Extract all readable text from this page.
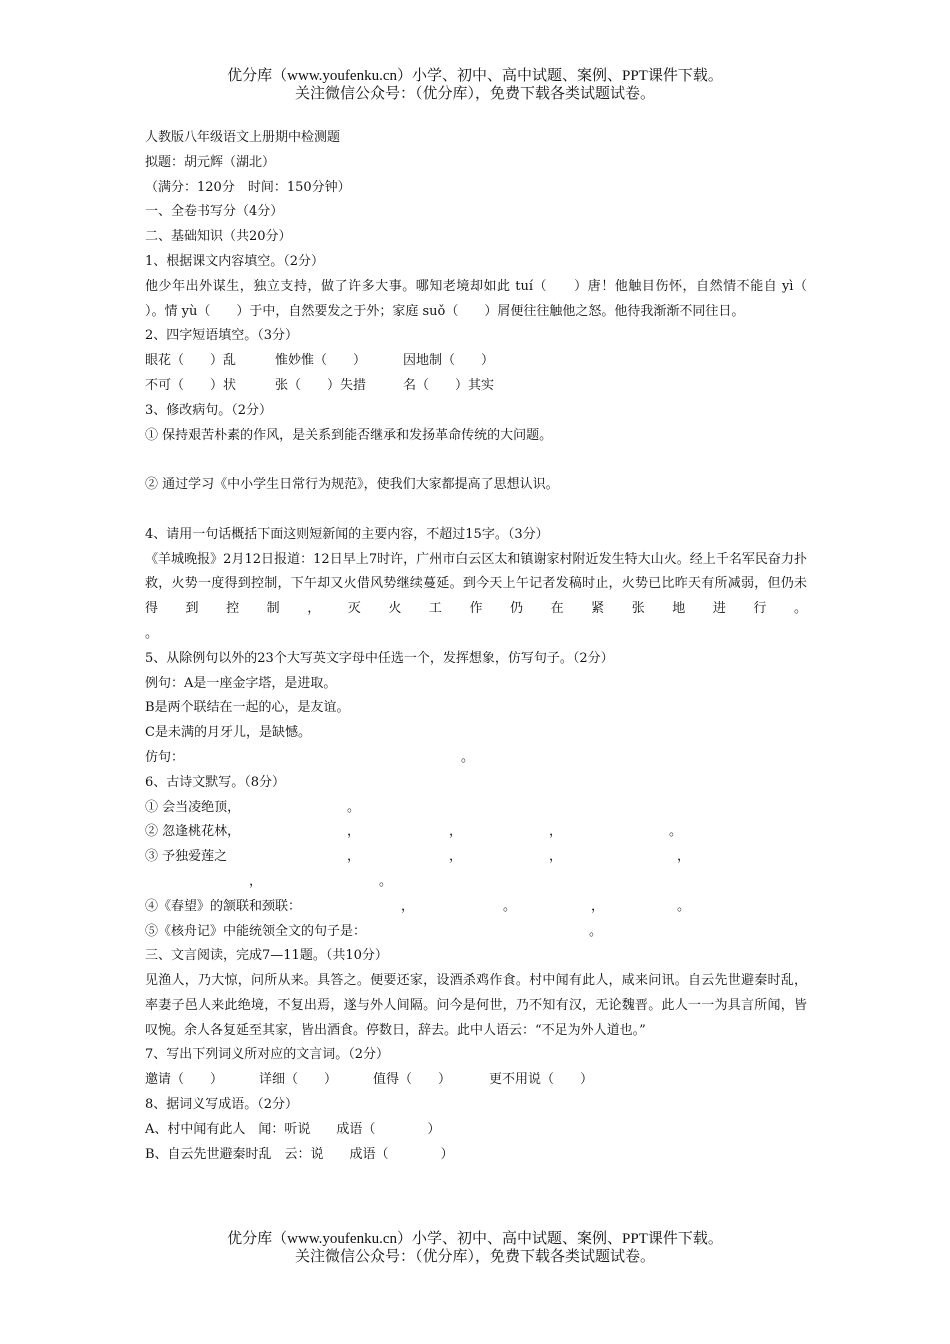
优分库（www.youfenku.cn）小学、初中、高中试题、案例、PPT课件下载。
关注微信公众号：（优分库），免费下载各类试题试卷。
人教版八年级语文上册期中检测题
拟题：胡元辉（湖北）
（满分：120分　时间：150分钟）
一、全卷书写分（4分）
二、基础知识（共20分）
1、根据课文内容填空。（2分）
他少年出外谋生，独立支持，做了许多大事。哪知老境却如此 tuí（　　）唐！他触目伤怀，自然情不能自 yì（　　）。情 yù（　　）于中，自然要发之于外；家庭 suǒ（　　）屑便往往触他之怒。他待我渐渐不同往日。
2、四字短语填空。（3分）
眼花（　　）乱	惟妙惟（　　）	因地制（　　）
不可（　　）状	张（　　）失措	名（　　）其实
3、修改病句。（2分）
① 保持艰苦朴素的作风，是关系到能否继承和发扬革命传统的大问题。
② 通过学习《中小学生日常行为规范》，使我们大家都提高了思想认识。
4、请用一句话概括下面这则短新闻的主要内容，不超过15字。（3分）
《羊城晚报》2月12日报道：12日早上7时许，广州市白云区太和镇谢家村附近发生特大山火。经上千名军民奋力扑救，火势一度得到控制，下午却又火借风势继续蔓延。到今天上午记者发稿时止，火势已比昨天有所减弱，但仍未得到控制，灭火工作仍在紧张地进行。
。
5、从除例句以外的23个大写英文字母中任选一个，发挥想象，仿写句子。（2分）
例句：A是一座金字塔，是进取。
B是两个联结在一起的心，是友谊。
C是未满的月牙儿，是缺憾。
仿句：	。
6、古诗文默写。（8分）
① 会当凌绝顶，	。
② 忽逢桃花林，	，	，	，	。
③ 予独爱莲之	，	，	，	，
，	。
④《春望》的颔联和颈联：	，	。	，	。
⑤《核舟记》中能统领全文的句子是：	。
三、文言阅读，完成7—11题。（共10分）
见渔人，乃大惊，问所从来。具答之。便要还家，设酒杀鸡作食。村中闻有此人，咸来问讯。自云先世避秦时乱，率妻子邑人来此绝境，不复出焉，遂与外人间隔。问今是何世，乃不知有汉，无论魏晋。此人一一为具言所闻，皆叹惋。余人各复延至其家，皆出酒食。停数日，辞去。此中人语云：“不足为外人道也。”
7、写出下列词义所对应的文言词。（2分）
邀请（　　）	详细（　　）	值得（　　）	更不用说（　　）
8、据词义写成语。（2分）
A、村中闻有此人　闻：听说　　成语（　　　　）
B、自云先世避秦时乱　云：说　　成语（　　　　）
优分库（www.youfenku.cn）小学、初中、高中试题、案例、PPT课件下载。
关注微信公众号：（优分库），免费下载各类试题试卷。
